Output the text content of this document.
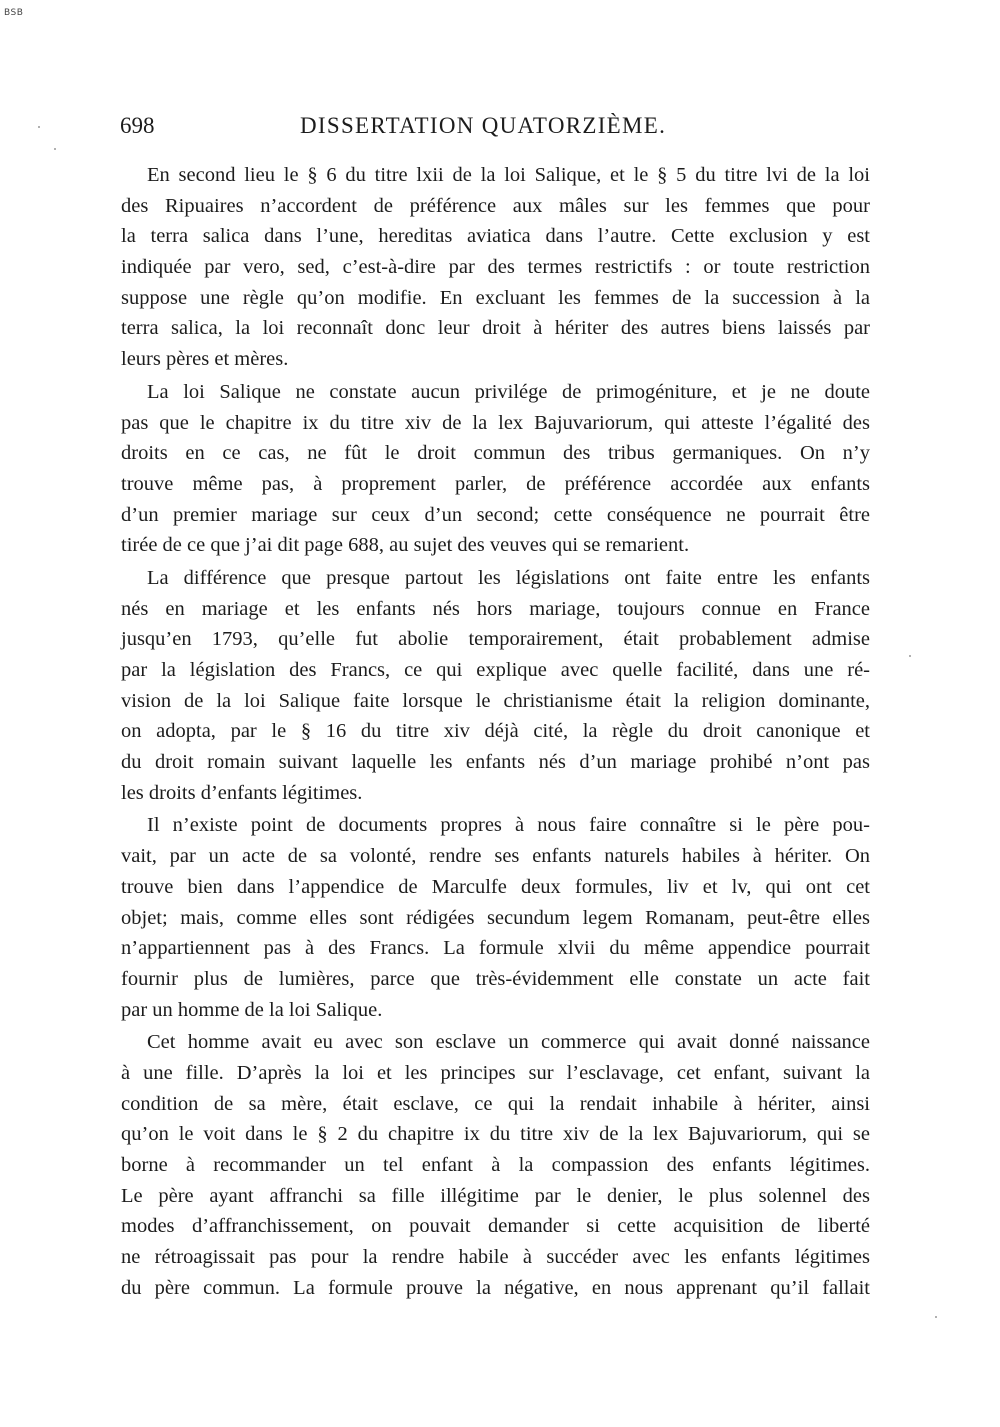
BSB
698	DISSERTATION QUATORZIÈME.
En second lieu le § 6 du titre lxii de la loi Salique, et le § 5 du titre lvi de la loi
des Ripuaires n’accordent de préférence aux mâles sur les femmes que pour
la terra salica dans l’une, hereditas aviatica dans l’autre. Cette exclusion y est
indiquée par vero, sed, c’est-à-dire par des termes restrictifs : or toute restriction
suppose une règle qu’on modifie. En excluant les femmes de la succession à la
terra salica, la loi reconnaît donc leur droit à hériter des autres biens laissés par
leurs pères et mères.
La loi Salique ne constate aucun privilége de primogéniture, et je ne doute
pas que le chapitre ix du titre xiv de la lex Bajuvariorum, qui atteste l’égalité des
droits en ce cas, ne fût le droit commun des tribus germaniques. On n’y
trouve même pas, à proprement parler, de préférence accordée aux enfants
d’un premier mariage sur ceux d’un second; cette conséquence ne pourrait être
tirée de ce que j’ai dit page 688, au sujet des veuves qui se remarient.
La différence que presque partout les législations ont faite entre les enfants
nés en mariage et les enfants nés hors mariage, toujours connue en France
jusqu’en 1793, qu’elle fut abolie temporairement, était probablement admise
par la législation des Francs, ce qui explique avec quelle facilité, dans une ré-
vision de la loi Salique faite lorsque le christianisme était la religion dominante,
on adopta, par le § 16 du titre xiv déjà cité, la règle du droit canonique et
du droit romain suivant laquelle les enfants nés d’un mariage prohibé n’ont pas
les droits d’enfants légitimes.
Il n’existe point de documents propres à nous faire connaître si le père pou-
vait, par un acte de sa volonté, rendre ses enfants naturels habiles à hériter. On
trouve bien dans l’appendice de Marculfe deux formules, liv et lv, qui ont cet
objet; mais, comme elles sont rédigées secundum legem Romanam, peut-être elles
n’appartiennent pas à des Francs. La formule xlvii du même appendice pourrait
fournir plus de lumières, parce que très-évidemment elle constate un acte fait
par un homme de la loi Salique.
Cet homme avait eu avec son esclave un commerce qui avait donné naissance
à une fille. D’après la loi et les principes sur l’esclavage, cet enfant, suivant la
condition de sa mère, était esclave, ce qui la rendait inhabile à hériter, ainsi
qu’on le voit dans le § 2 du chapitre ix du titre xiv de la lex Bajuvariorum, qui se
borne à recommander un tel enfant à la compassion des enfants légitimes.
Le père ayant affranchi sa fille illégitime par le denier, le plus solennel des
modes d’affranchissement, on pouvait demander si cette acquisition de liberté
ne rétroagissait pas pour la rendre habile à succéder avec les enfants légitimes
du père commun. La formule prouve la négative, en nous apprenant qu’il fallait
